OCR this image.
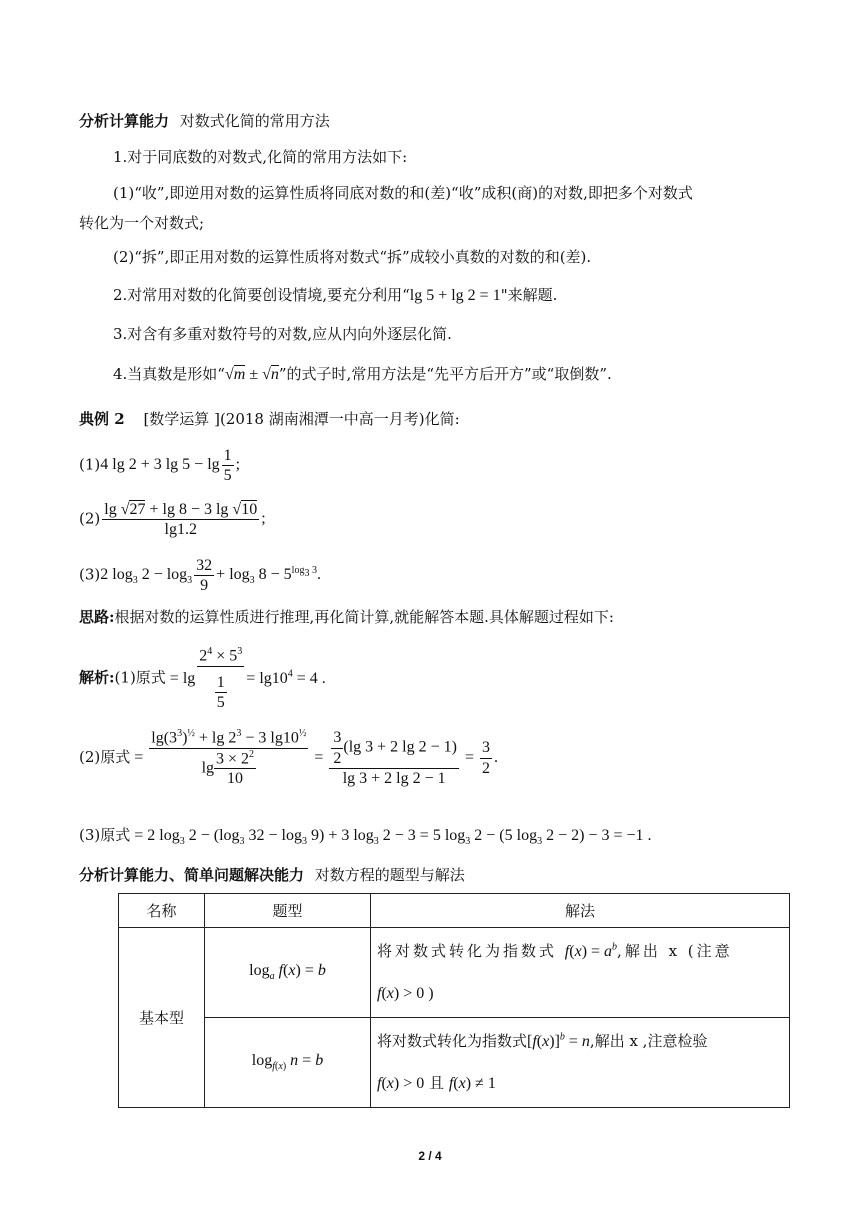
分析计算能力 对数式化简的常用方法
1.对于同底数的对数式,化简的常用方法如下:
(1)“收”,即逆用对数的运算性质将同底对数的和(差)“收”成积(商)的对数,即把多个对数式
转化为一个对数式;
(2)“拆”,即正用对数的运算性质将对数式“拆”成较小真数的对数的和(差).
2.对常用对数的化简要创设情境,要充分利用“lg 5 + lg 2 = 1"来解题.
3.对含有多重对数符号的对数,应从内向外逐层化简.
4.当真数是形如“√m ± √n”的式子时,常用方法是“先平方后开方”或“取倒数”.
典例 2 [数学运算 ](2018 湖南湘潭一中高一月考)化简:
(1)4 lg 2 + 3 $\lg 5 - \lg \frac{1}{5}$ ;
$(2) \frac{\lg √27 + \lg 8 - 3 \lg √10}{\lg 1.2}$ ;
(3)2 $\log_3 2 - \log_3 \frac{32}{9} + \log_3 8 - 5^{log_3 3}$.
思路:根据对数的运算性质进行推理,再化简计算,就能解答本题.具体解题过程如下:
解析:(1)原式 = $\lg \frac{2^4 \times 5^3}{\frac{1}{5}} = \lg 10^4 = 4$ .
(2)原式 = $\frac{\lg(3^3)^{\frac{1}{2}} + \lg 2^3 - 3 \lg 10^{\frac{1}{2}}}{\lg \frac{3 \times 2^2}{10}} = \frac{\frac{3}{2} (\lg 3 + 2 \lg 2 - 1)}{\lg 3 + 2 \lg 2 - 1} = \frac{3}{2}$ .
(3)原式 = 2 $\log_3 2 - (\log_3$ $32 - \log_3 9) + 3$ $\log_3 2 - 3 = 5$ $\log_3 2 - (5$ $\log_3 2 - 2) - 3 = -1$ .
分析计算能力、简单问题解决能力 对数方程的题型与解法
名称	题型	解法
基本型	$\log_a f(x) = b$	将对数式转化为指数式 $f(x) = a^b$,解出 x (注意
f(x) > 0 )
	$\log_{f(x)} n = b$	将对数式转化为指数式$[f(x)]^b = n$,解出 x ,注意检验
f(x) > 0 且 f(x) ≠ 1
2 / 4
